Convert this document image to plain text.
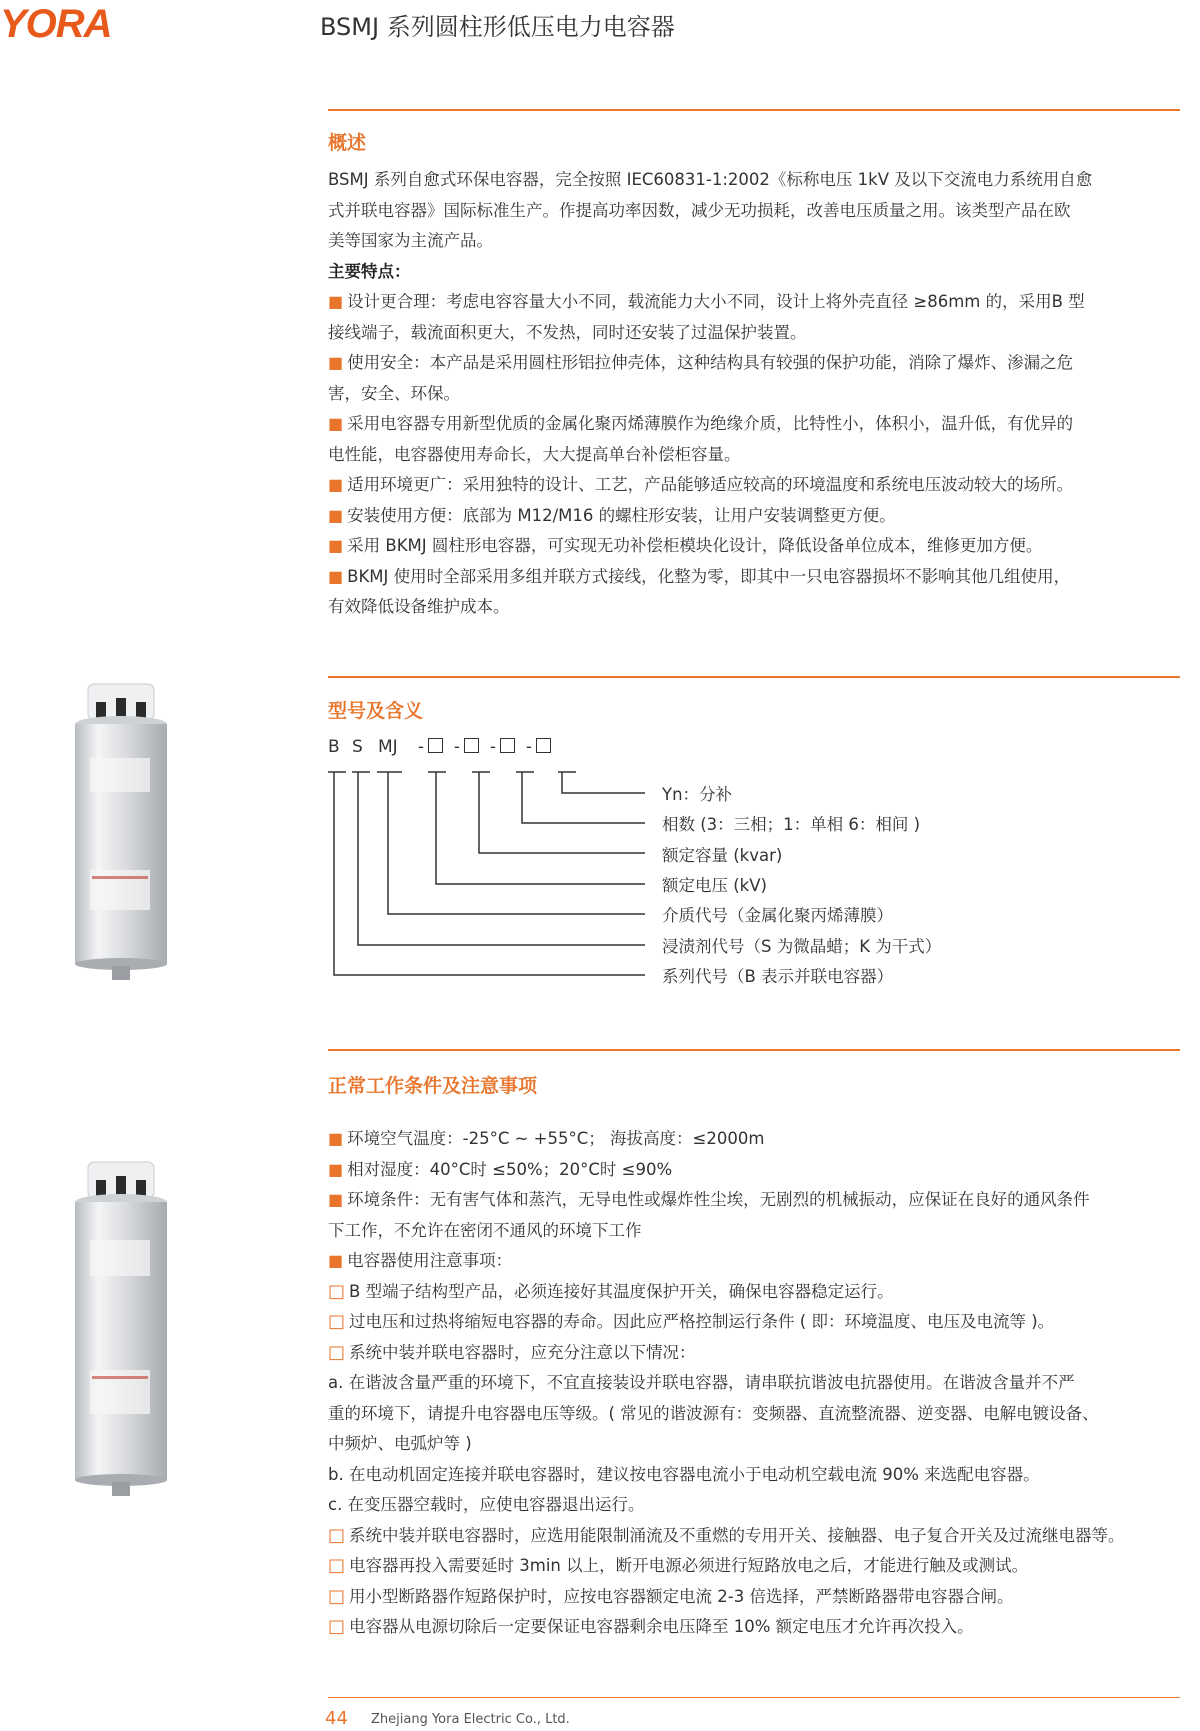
YORA	BSMJ 系列圆柱形低压电力电容器
概述
BSMJ 系列自愈式环保电容器，完全按照 IEC60831-1:2002《标称电压 1kV 及以下交流电力系统用自愈
式并联电容器》国际标准生产。作提高功率因数，减少无功损耗，改善电压质量之用。该类型产品在欧
美等国家为主流产品。
主要特点：
■ 设计更合理：考虑电容容量大小不同，载流能力大小不同，设计上将外壳直径 ≥86mm 的，采用B 型
接线端子，载流面积更大，不发热，同时还安装了过温保护装置。
■ 使用安全：本产品是采用圆柱形铝拉伸壳体，这种结构具有较强的保护功能，消除了爆炸、渗漏之危
害，安全、环保。
■ 采用电容器专用新型优质的金属化聚丙烯薄膜作为绝缘介质，比特性小，体积小，温升低，有优异的
电性能，电容器使用寿命长，大大提高单台补偿柜容量。
■ 适用环境更广：采用独特的设计、工艺，产品能够适应较高的环境温度和系统电压波动较大的场所。
■ 安装使用方便：底部为 M12/M16 的螺柱形安装，让用户安装调整更方便。
■ 采用 BKMJ 圆柱形电容器，可实现无功补偿柜模块化设计，降低设备单位成本，维修更加方便。
■ BKMJ 使用时全部采用多组并联方式接线，化整为零，即其中一只电容器损坏不影响其他几组使用，
有效降低设备维护成本。
型号及含义
B S MJ	- - - -
Yn：分补
相数 (3：三相；1：单相 6：相间 )
额定容量 (kvar)
额定电压 (kV)
介质代号（金属化聚丙烯薄膜）
浸渍剂代号（S 为微晶蜡；K 为干式）
系列代号（B 表示并联电容器）
正常工作条件及注意事项
■ 环境空气温度：-25°C ~ +55°C； 海拔高度：≤2000m
■ 相对湿度：40°C时 ≤50%；20°C时 ≤90%
■ 环境条件：无有害气体和蒸汽，无导电性或爆炸性尘埃，无剧烈的机械振动，应保证在良好的通风条件
下工作，不允许在密闭不通风的环境下工作
■ 电容器使用注意事项：
□ B 型端子结构型产品，必须连接好其温度保护开关，确保电容器稳定运行。
□ 过电压和过热将缩短电容器的寿命。因此应严格控制运行条件 ( 即：环境温度、电压及电流等 )。
□ 系统中装并联电容器时，应充分注意以下情况：
a. 在谐波含量严重的环境下，不宜直接装设并联电容器，请串联抗谐波电抗器使用。在谐波含量并不严
重的环境下，请提升电容器电压等级。( 常见的谐波源有：变频器、直流整流器、逆变器、电解电镀设备、
中频炉、电弧炉等 )
b. 在电动机固定连接并联电容器时，建议按电容器电流小于电动机空载电流 90% 来选配电容器。
c. 在变压器空载时，应使电容器退出运行。
□ 系统中装并联电容器时，应选用能限制涌流及不重燃的专用开关、接触器、电子复合开关及过流继电器等。
□ 电容器再投入需要延时 3min 以上，断开电源必须进行短路放电之后，才能进行触及或测试。
□ 用小型断路器作短路保护时，应按电容器额定电流 2-3 倍选择，严禁断路器带电容器合闸。
□ 电容器从电源切除后一定要保证电容器剩余电压降至 10% 额定电压才允许再次投入。
44 Zhejiang Yora Electric Co., Ltd.
